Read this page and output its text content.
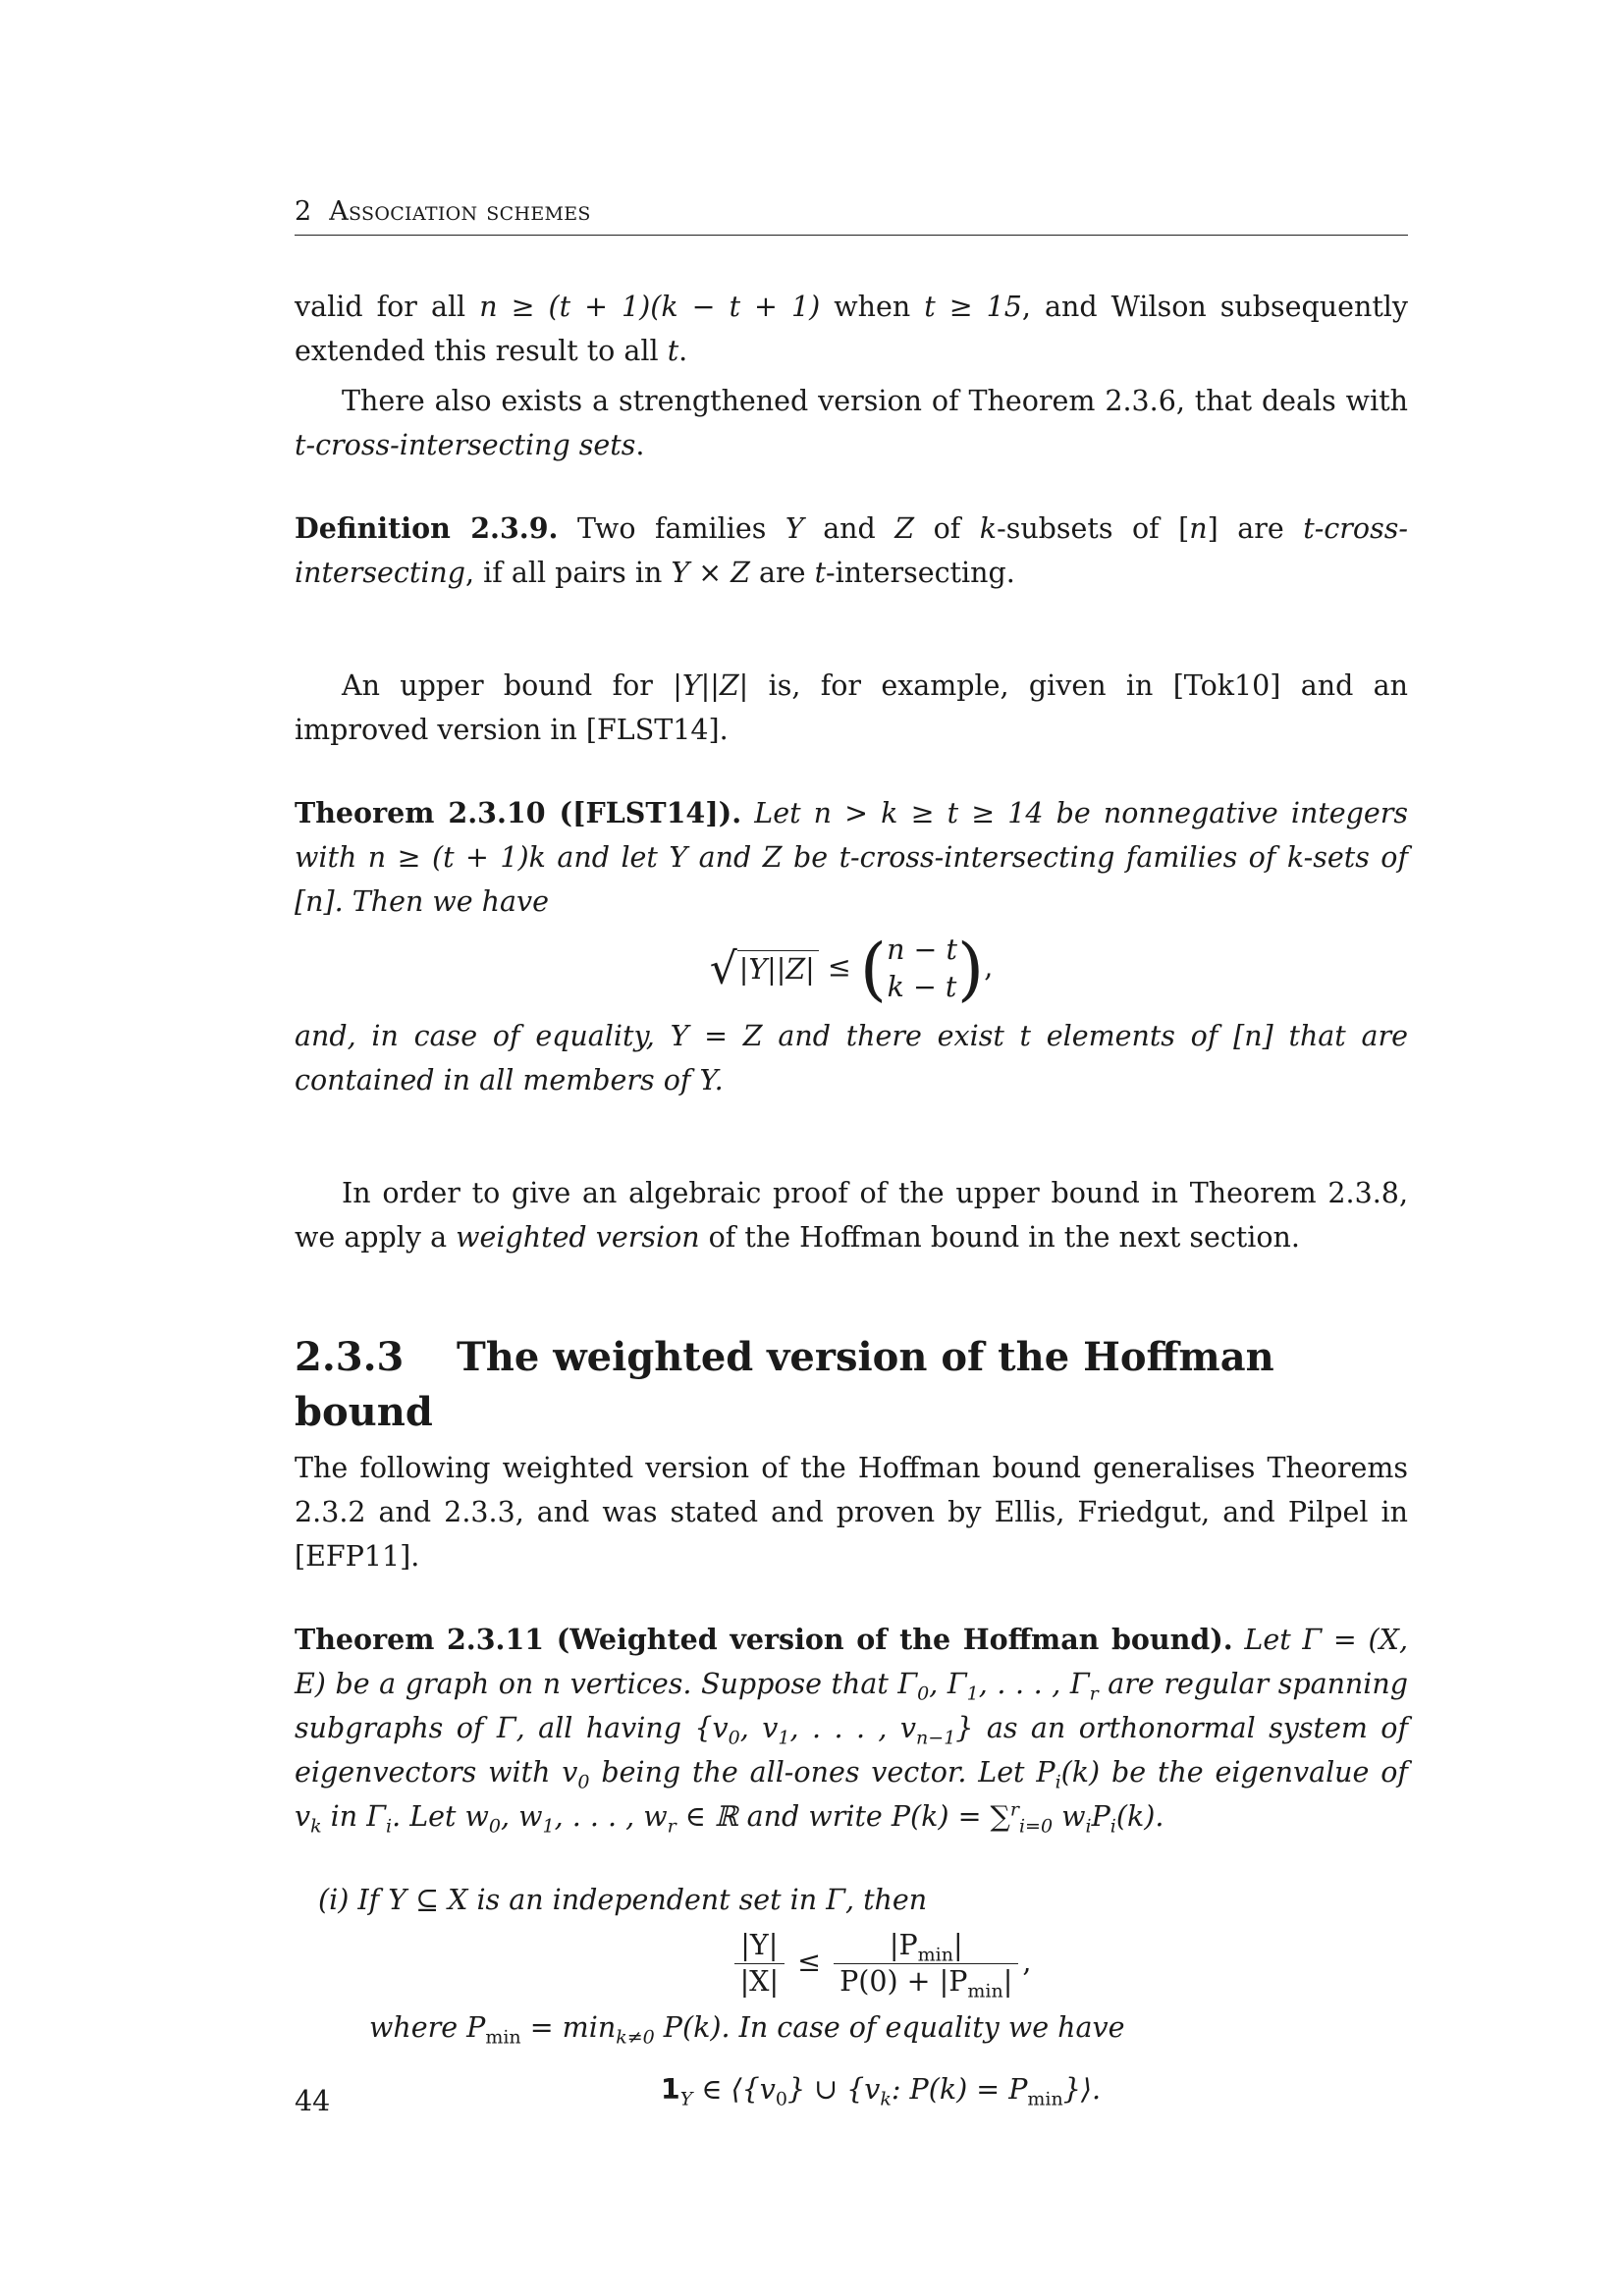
2 Association schemes

valid for all n ≥ (t + 1)(k − t + 1) when t ≥ 15, and Wilson subsequently extended this result to all t.

There also exists a strengthened version of Theorem 2.3.6, that deals with t-cross-intersecting sets.

Definition 2.3.9. Two families Y and Z of k-subsets of [n] are t-cross-intersecting, if all pairs in Y × Z are t-intersecting.

An upper bound for |Y||Z| is, for example, given in [Tok10] and an improved version in [FLST14].

Theorem 2.3.10 ([FLST14]). Let n > k ≥ t ≥ 14 be nonnegative integers with n ≥ (t + 1)k and let Y and Z be t-cross-intersecting families of k-sets of [n]. Then we have

√|Y||Z| ≤ ( n − t
k − t ),

and, in case of equality, Y = Z and there exist t elements of [n] that are contained in all members of Y.

In order to give an algebraic proof of the upper bound in Theorem 2.3.8, we apply a weighted version of the Hoffman bound in the next section.

2.3.3 The weighted version of the Hoffman bound

The following weighted version of the Hoffman bound generalises Theorems 2.3.2 and 2.3.3, and was stated and proven by Ellis, Friedgut, and Pilpel in [EFP11].

Theorem 2.3.11 (Weighted version of the Hoffman bound). Let Γ = (X, E) be a graph on n vertices. Suppose that $\Gamma_0$, $\Gamma_1$, . . . , $\Gamma_r$ are regular spanning subgraphs of Γ, all having {$v_0$, $v_1$, . . . , $v_{n-1}$} as an orthonormal system of eigenvectors with $v_0$ being the all-ones vector. Let $P_i(k)$ be the eigenvalue of $v_k$ in $\Gamma_i$. Let $w_0$, $w_1$, . . . , $w_r$ ∈ ℝ and write P(k) = ∑$^r_{i=0}$ $w_iP_i(k)$.

(i) If Y ⊆ X is an independent set in Γ, then

$\frac{|Y|}{|X|} \le \frac{|P_{min}|}{P(0) + |P_{min}|}$ ,

where $P_{min} = \min_{k\ne 0} P(k)$. In case of equality we have

$1_Y$ ∈ $⟨\{v_0\}$ ∪ {$v_k$: $P(k) = P_{min}\}⟩$.
44
